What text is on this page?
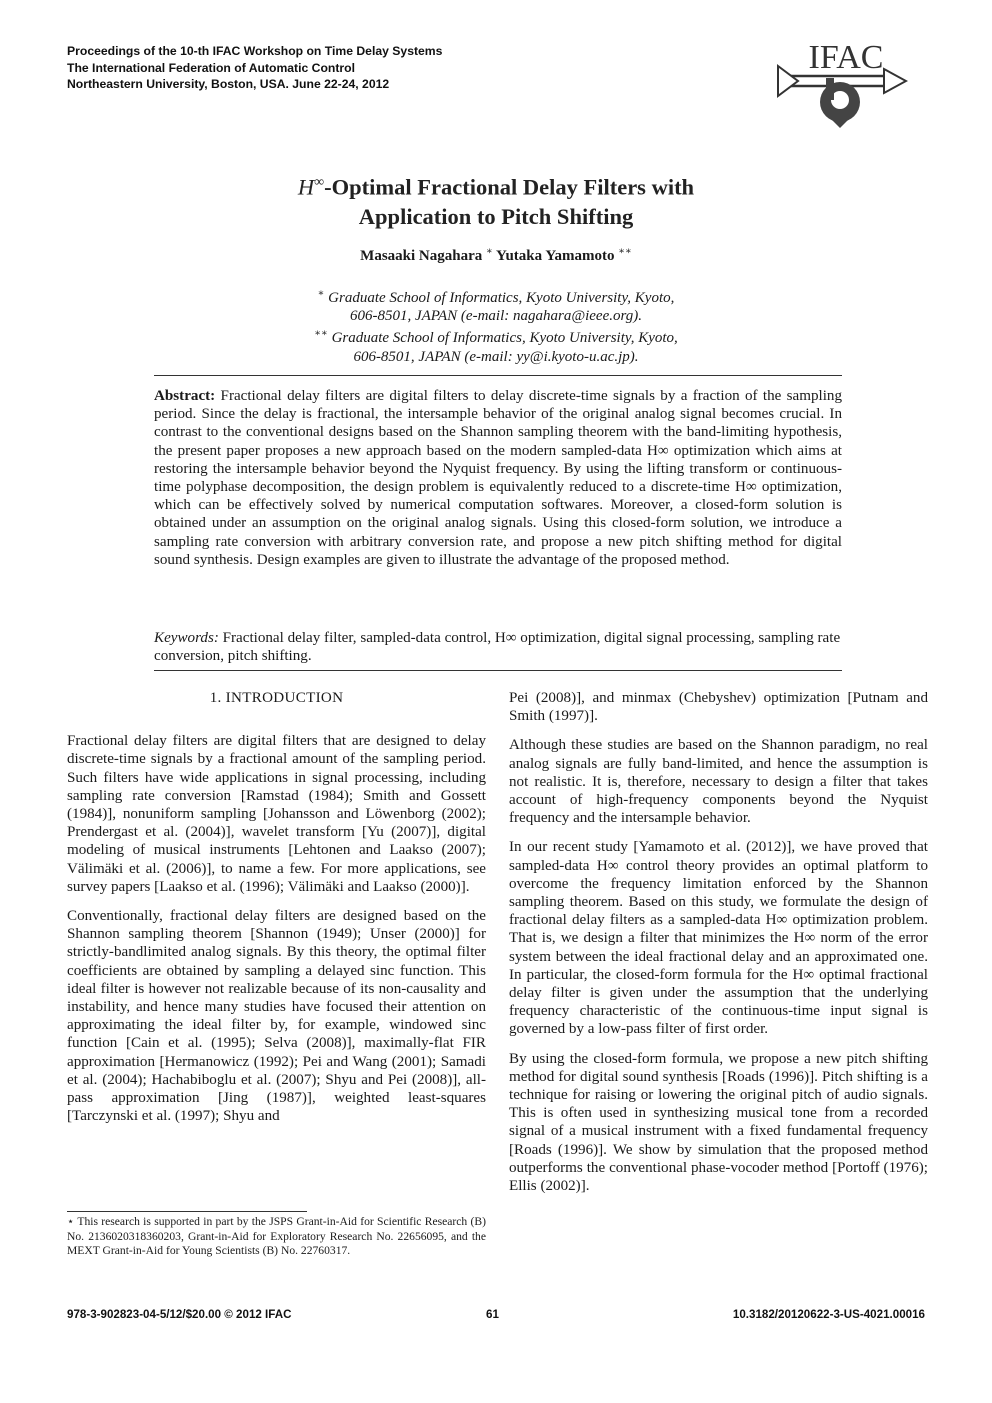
Proceedings of the 10-th IFAC Workshop on Time Delay Systems
The International Federation of Automatic Control
Northeastern University, Boston, USA. June 22-24, 2012
IFAC
H∞-Optimal Fractional Delay Filters with
Application to Pitch Shifting
Masaaki Nagahara ∗ Yutaka Yamamoto ∗∗
∗ Graduate School of Informatics, Kyoto University, Kyoto,
606-8501, JAPAN (e-mail: nagahara@ieee.org).
∗∗ Graduate School of Informatics, Kyoto University, Kyoto,
606-8501, JAPAN (e-mail: yy@i.kyoto-u.ac.jp).
Abstract: Fractional delay filters are digital filters to delay discrete-time signals by a fraction of the sampling period. Since the delay is fractional, the intersample behavior of the original analog signal becomes crucial. In contrast to the conventional designs based on the Shannon sampling theorem with the band-limiting hypothesis, the present paper proposes a new approach based on the modern sampled-data H∞ optimization which aims at restoring the intersample behavior beyond the Nyquist frequency. By using the lifting transform or continuous-time polyphase decomposition, the design problem is equivalently reduced to a discrete-time H∞ optimization, which can be effectively solved by numerical computation softwares. Moreover, a closed-form solution is obtained under an assumption on the original analog signals. Using this closed-form solution, we introduce a sampling rate conversion with arbitrary conversion rate, and propose a new pitch shifting method for digital sound synthesis. Design examples are given to illustrate the advantage of the proposed method.
Keywords: Fractional delay filter, sampled-data control, H∞ optimization, digital signal processing, sampling rate conversion, pitch shifting.
1. INTRODUCTION

Fractional delay filters are digital filters that are designed to delay discrete-time signals by a fractional amount of the sampling period. Such filters have wide applications in signal processing, including sampling rate conversion [Ramstad (1984); Smith and Gossett (1984)], nonuniform sampling [Johansson and Löwenborg (2002); Prendergast et al. (2004)], wavelet transform [Yu (2007)], digital modeling of musical instruments [Lehtonen and Laakso (2007); Välimäki et al. (2006)], to name a few. For more applications, see survey papers [Laakso et al. (1996); Välimäki and Laakso (2000)].

Conventionally, fractional delay filters are designed based on the Shannon sampling theorem [Shannon (1949); Unser (2000)] for strictly-bandlimited analog signals. By this theory, the optimal filter coefficients are obtained by sampling a delayed sinc function. This ideal filter is however not realizable because of its non-causality and instability, and hence many studies have focused their attention on approximating the ideal filter by, for example, windowed sinc function [Cain et al. (1995); Selva (2008)], maximally-flat FIR approximation [Hermanowicz (1992); Pei and Wang (2001); Samadi et al. (2004); Hachabiboglu et al. (2007); Shyu and Pei (2008)], all-pass approximation [Jing (1987)], weighted least-squares [Tarczynski et al. (1997); Shyu and

Pei (2008)], and minmax (Chebyshev) optimization [Putnam and Smith (1997)].

Although these studies are based on the Shannon paradigm, no real analog signals are fully band-limited, and hence the assumption is not realistic. It is, therefore, necessary to design a filter that takes account of high-frequency components beyond the Nyquist frequency and the intersample behavior.

In our recent study [Yamamoto et al. (2012)], we have proved that sampled-data H∞ control theory provides an optimal platform to overcome the frequency limitation enforced by the Shannon sampling theorem. Based on this study, we formulate the design of fractional delay filters as a sampled-data H∞ optimization problem. That is, we design a filter that minimizes the H∞ norm of the error system between the ideal fractional delay and an approximated one. In particular, the closed-form formula for the H∞ optimal fractional delay filter is given under the assumption that the underlying frequency characteristic of the continuous-time input signal is governed by a low-pass filter of first order.

By using the closed-form formula, we propose a new pitch shifting method for digital sound synthesis [Roads (1996)]. Pitch shifting is a technique for raising or lowering the original pitch of audio signals. This is often used in synthesizing musical tone from a recorded signal of a musical instrument with a fixed fundamental frequency [Roads (1996)]. We show by simulation that the proposed method outperforms the conventional phase-vocoder method [Portoff (1976); Ellis (2002)].

⋆ This research is supported in part by the JSPS Grant-in-Aid for Scientific Research (B) No. 2136020318360203, Grant-in-Aid for Exploratory Research No. 22656095, and the MEXT Grant-in-Aid for Young Scientists (B) No. 22760317.
978-3-902823-04-5/12/$20.00 © 2012 IFAC	61	10.3182/20120622-3-US-4021.00016
